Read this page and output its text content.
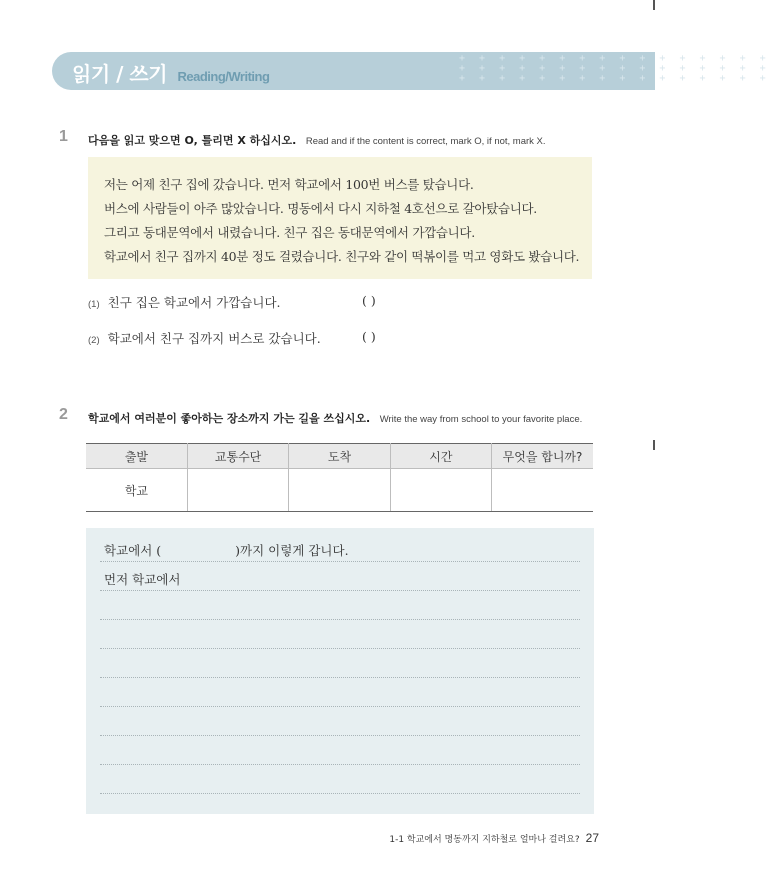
읽기 / 쓰기 Reading/Writing
+ + + + + + + + + + + + + + + +
+ + + + + + + + + + + + + + + +
+ + + + + + + + + + + + + + + +
1 다음을 읽고 맞으면 O, 틀리면 X 하십시오. Read and if the content is correct, mark O, if not, mark X.
저는 어제 친구 집에 갔습니다. 먼저 학교에서 100번 버스를 탔습니다.
버스에 사람들이 아주 많았습니다. 명동에서 다시 지하철 4호선으로 갈아탔습니다.
그리고 동대문역에서 내렸습니다. 친구 집은 동대문역에서 가깝습니다.
학교에서 친구 집까지 40분 정도 걸렸습니다. 친구와 같이 떡볶이를 먹고 영화도 봤습니다.
(1) 친구 집은 학교에서 가깝습니다.	( )
(2) 학교에서 친구 집까지 버스로 갔습니다.	( )
2 학교에서 여러분이 좋아하는 장소까지 가는 길을 쓰십시오. Write the way from school to your favorite place.
출발	교통수단	도착	시간	무엇을 합니까?
학교				
학교에서 (	)까지 이렇게 갑니다.
먼저 학교에서
1-1 학교에서 명동까지 지하철로 얼마나 걸려요? 27
